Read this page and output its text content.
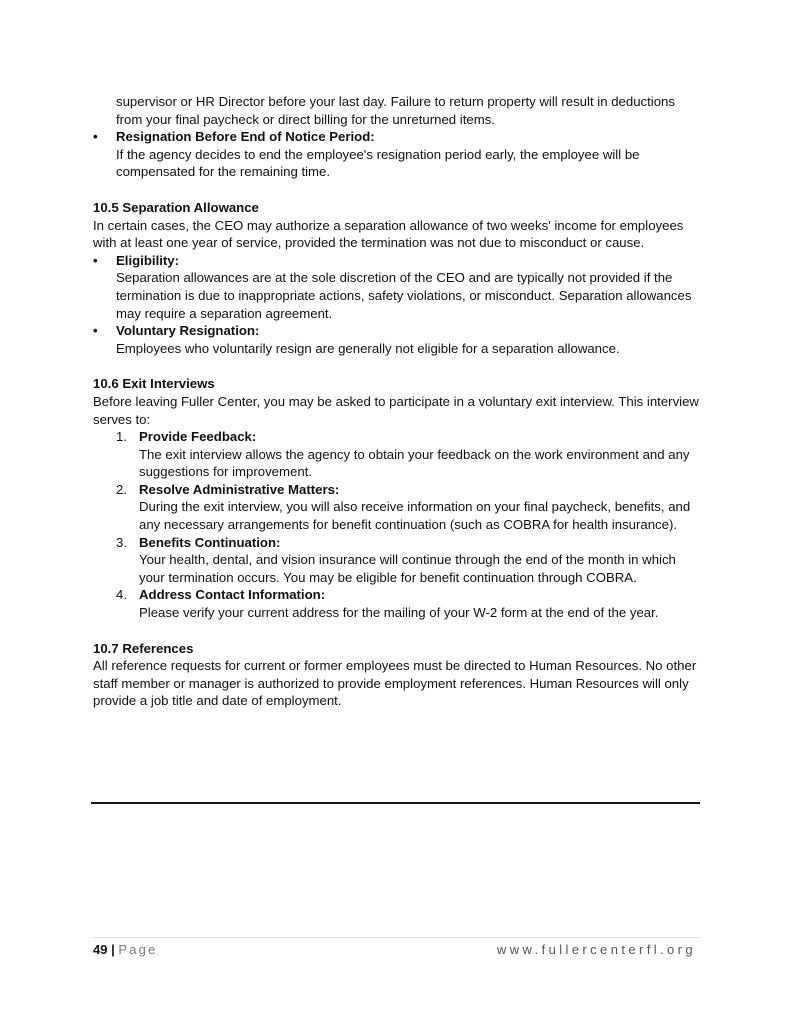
supervisor or HR Director before your last day. Failure to return property will result in deductions from your final paycheck or direct billing for the unreturned items.

• Resignation Before End of Notice Period:

If the agency decides to end the employee's resignation period early, the employee will be compensated for the remaining time.

10.5 Separation Allowance

In certain cases, the CEO may authorize a separation allowance of two weeks' income for employees with at least one year of service, provided the termination was not due to misconduct or cause.

• Eligibility:

Separation allowances are at the sole discretion of the CEO and are typically not provided if the termination is due to inappropriate actions, safety violations, or misconduct. Separation allowances may require a separation agreement.

• Voluntary Resignation:

Employees who voluntarily resign are generally not eligible for a separation allowance.

10.6 Exit Interviews

Before leaving Fuller Center, you may be asked to participate in a voluntary exit interview. This interview serves to:

1. Provide Feedback:

The exit interview allows the agency to obtain your feedback on the work environment and any suggestions for improvement.

2. Resolve Administrative Matters:

During the exit interview, you will also receive information on your final paycheck, benefits, and any necessary arrangements for benefit continuation (such as COBRA for health insurance).

3. Benefits Continuation:

Your health, dental, and vision insurance will continue through the end of the month in which your termination occurs. You may be eligible for benefit continuation through COBRA.

4. Address Contact Information:

Please verify your current address for the mailing of your W-2 form at the end of the year.

10.7 References

All reference requests for current or former employees must be directed to Human Resources. No other staff member or manager is authorized to provide employment references. Human Resources will only provide a job title and date of employment.

49 | Page	www.fullercenterfl.org
